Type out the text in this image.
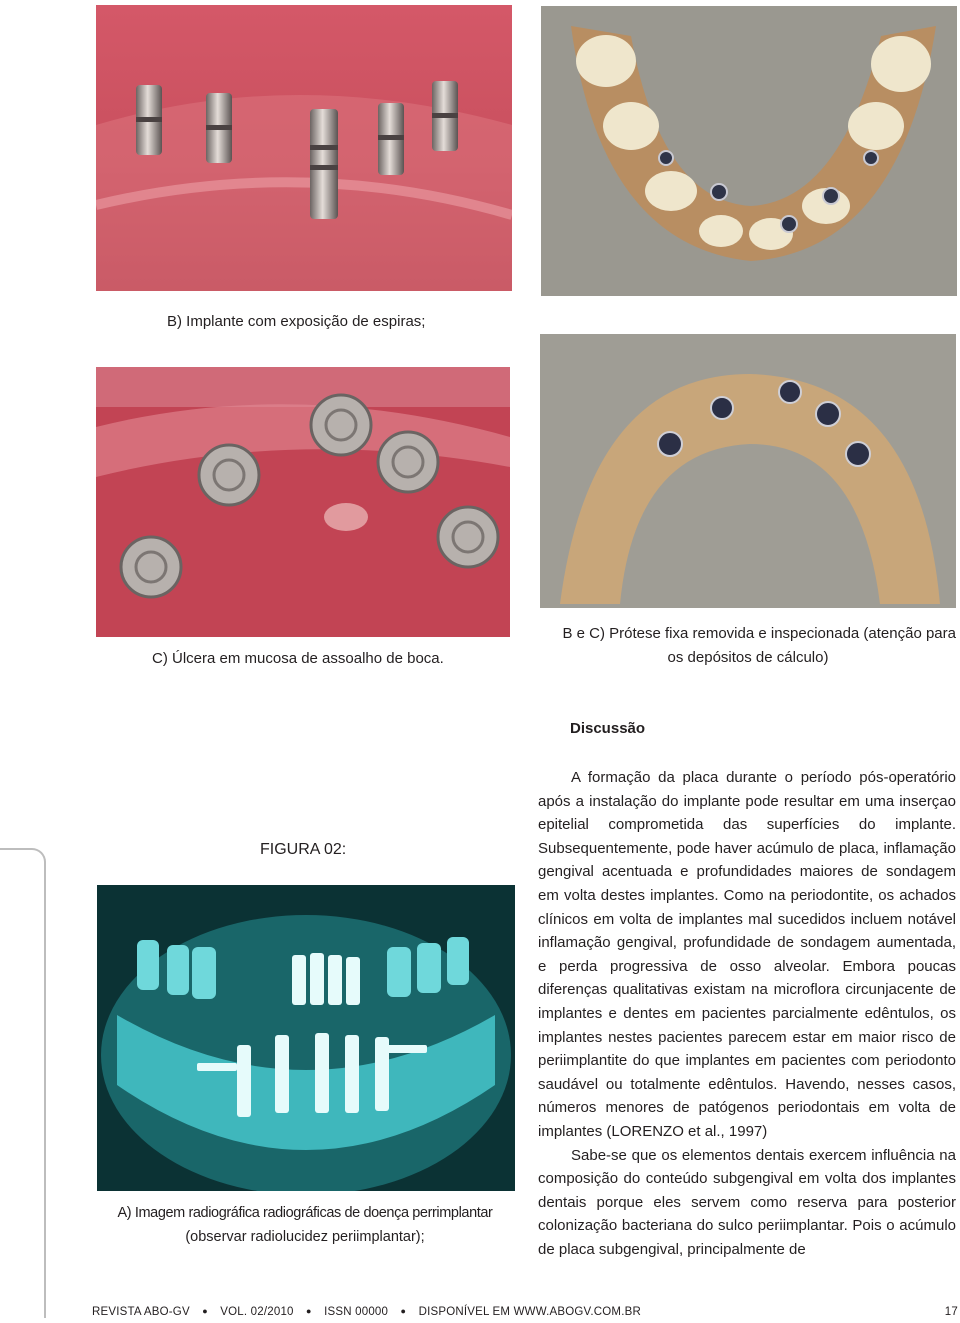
B) Implante com exposição de espiras;
C) Úlcera em mucosa de assoalho de boca.
B e C) Prótese fixa removida e inspecionada (atenção para
os depósitos de cálculo)
Discussão
FIGURA 02:
A) Imagem radiográfica radiográficas de doença perrimplantar
(observar radiolucidez periimplantar);

A formação da placa durante o período pós-operatório após a instalação do implante pode resultar em uma inserçao epitelial comprometida das superfícies do implante. Subsequentemente, pode haver acúmulo de placa, inflamação gengival acentuada e profundidades maiores de sondagem em volta destes implantes. Como na periodontite, os achados clínicos em volta de implantes mal sucedidos incluem notável inflamação gengival, profundidade de sondagem aumentada, e perda progressiva de osso alveolar. Embora poucas diferenças qualitativas existam na microflora circunjacente de implantes e dentes em pacientes parcialmente edêntulos, os implantes nestes pacientes parecem estar em maior risco de periimplantite do que implantes em pacientes com periodonto saudável ou totalmente edêntulos. Havendo, nesses casos, números menores de patógenos periodontais em volta de implantes (LORENZO et al., 1997)

Sabe-se que os elementos dentais exercem influência na composição do conteúdo subgengival em volta dos implantes dentais porque eles servem como reserva para posterior colonização bacteriana do sulco periimplantar. Pois o acúmulo de placa subgengival, principalmente de

REVISTA ABO-GV ● VOL. 02/2010 ● ISSN 00000 ● DISPONÍVEL EM WWW.ABOGV.COM.BR	17
